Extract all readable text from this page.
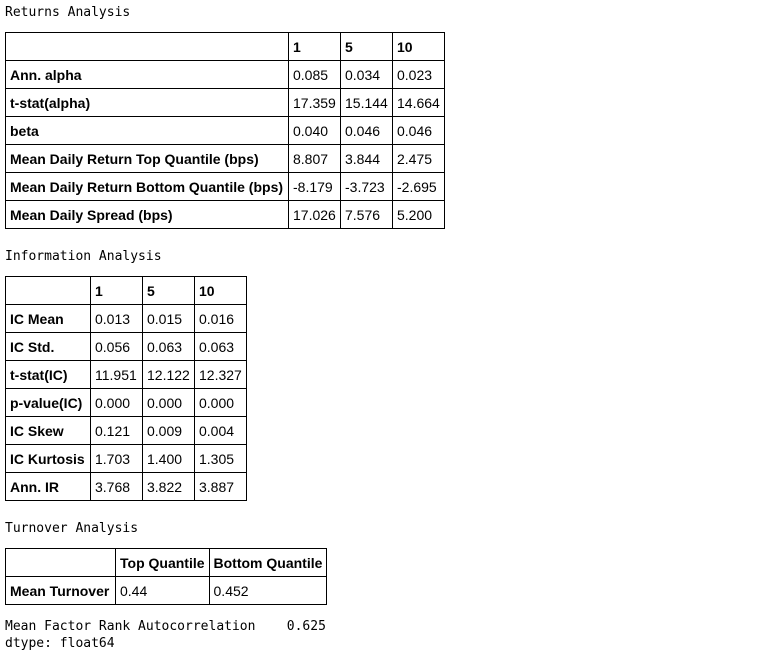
Returns Analysis
	1	5	10
Ann. alpha	0.085	0.034	0.023
t-stat(alpha)	17.359	15.144	14.664
beta	0.040	0.046	0.046
Mean Daily Return Top Quantile (bps)	8.807	3.844	2.475
Mean Daily Return Bottom Quantile (bps)	-8.179	-3.723	-2.695
Mean Daily Spread (bps)	17.026	7.576	5.200
Information Analysis
	1	5	10
IC Mean	0.013	0.015	0.016
IC Std.	0.056	0.063	0.063
t-stat(IC)	11.951	12.122	12.327
p-value(IC)	0.000	0.000	0.000
IC Skew	0.121	0.009	0.004
IC Kurtosis	1.703	1.400	1.305
Ann. IR	3.768	3.822	3.887
Turnover Analysis
	Top Quantile	Bottom Quantile
Mean Turnover	0.44	0.452
Mean Factor Rank Autocorrelation    0.625
dtype: float64
